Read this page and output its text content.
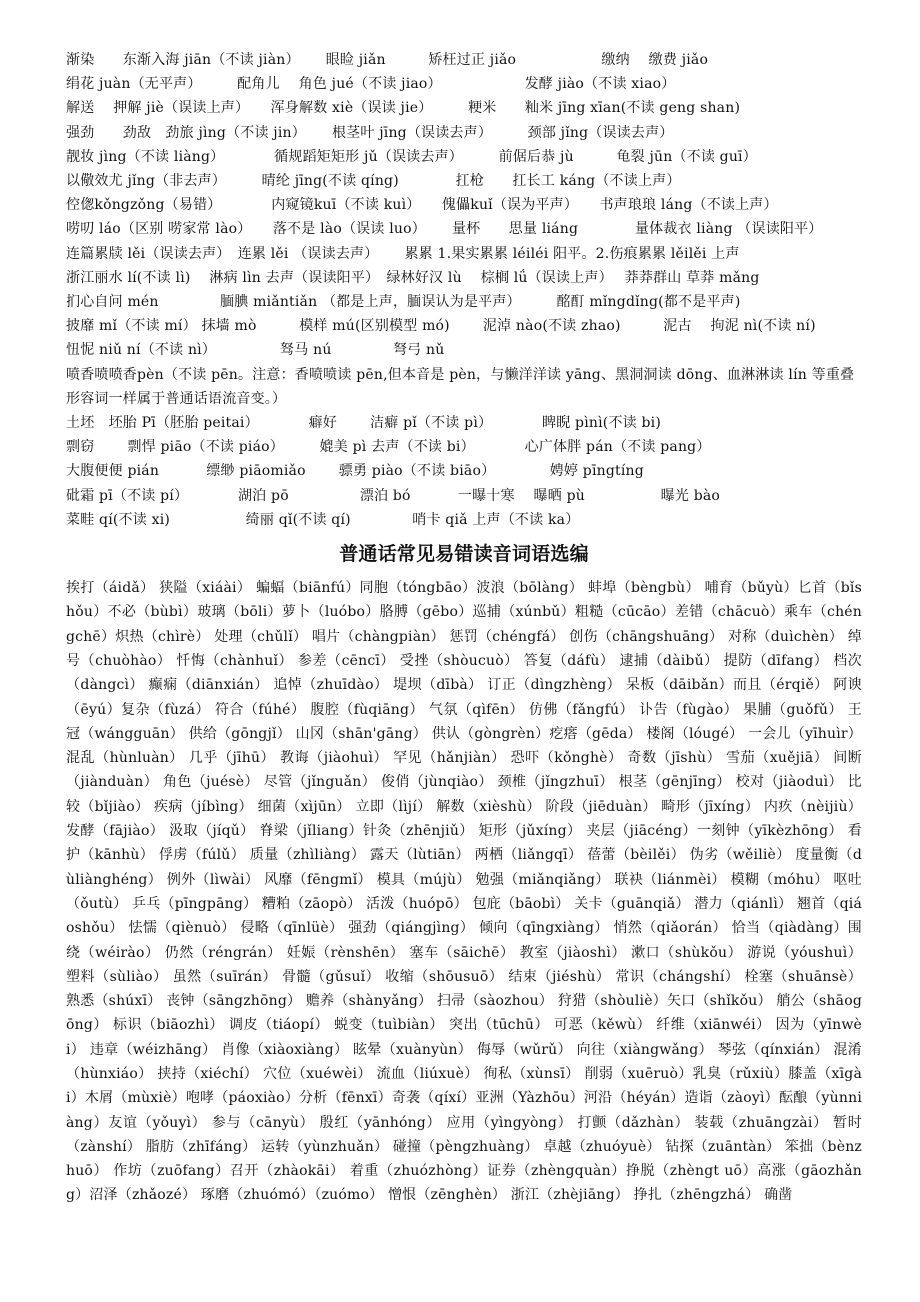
渐染　　东渐入海 jiān（不读 jiàn）　　 眼睑 jiǎn　　　矫枉过正 jiǎo　　　　　　缴纳　 缴费 jiǎo
绢花 juàn（无平声）　　　配角儿　 角色 jué（不读 jiao）　　　　　　 发酵 jiào（不读 xiao）
解送　 押解 jiè（误读上声）　　浑身解数 xiè（误读 jie）　　　粳米　　籼米 jīng xīan(不读 geng shan)
强劲　　劲敌　劲旅 jìng（不读 jin）　　 根茎叶 jīng（误读去声）　　　颈部 jǐng（误读去声）
靓妆 jìng（不读 liàng）　　　　循规蹈矩矩形 jǔ（误读去声）　　　前倨后恭 jù　　　龟裂 jūn（不读 guī）
以儆效尤 jǐng（非去声）　　　晴纶 jīng(不读 qíng)　　　　扛枪　　扛长工 káng（不读上声）
倥偬kǒngzǒng（易错）　　　　内窥镜kuī（不读 kuì）　　傀儡kuǐ（误为平声）　　书声琅琅 láng（不读上声）
唠叨 láo（区别 唠家常 lào）　　落不是 lào（误读 luo）　　 量杯　　思量 liáng　　　　量体裁衣 liàng （误读阳平）
连篇累牍 lěi（误读去声）　连累 lěi （误读去声）　　 累累 1.果实累累 léiléi 阳平。2.伤痕累累 lěilěi 上声
浙江丽水 lí(不读 lì)　 淋病 lìn 去声（误读阳平）　绿林好汉 lù　 棕榈 lǘ（误读上声）　 莽莽群山 草莽 mǎng
扪心自问 mén　　　　 腼腆 miǎntiǎn （都是上声，腼误认为是平声）　　　酩酊 mǐngdǐng(都不是平声)
披靡 mǐ（不读 mí） 抹墙 mò　　　模样 mú(区别模型 mó)　　 泥淖 nào(不读 zhao)　　　泥古　 拘泥 nì(不读 ní)
忸怩 niǔ ní（不读 nì）　　　　　驽马 nú　　　　 弩弓 nǔ
喷香喷喷香pèn（不读 pēn。注意：香喷喷读 pēn,但本音是 pèn，与懒洋洋读 yāng、黑洞洞读 dōng、血淋淋读 lín 等重叠形容词一样属于普通话语流音变。）
土坯　坯胎 Pī（胚胎 peitai）　　　　癖好　　 洁癖 pǐ（不读 pì）　　　　睥睨 pìnì(不读 bi)
剽窃　　 剽悍 piāo（不读 piáo）　　　媲美 pì 去声（不读 bi）　　　　心广体胖 pán（不读 pang）
大腹便便 pián　　　 缥缈 piāomiǎo　　 骠勇 piào（不读 biāo）　　　　 娉婷 pīngtíng
砒霜 pī（不读 pí）　　　　湖泊 pō　　　　　漂泊 bó　　　 一曝十寒　 曝晒 pù　　　　　 曝光 bào
菜畦 qí(不读 xi)　　　　　 绮丽 qǐ(不读 qí)　　　　 哨卡 qiǎ 上声（不读 ka）
普通话常见易错读音词语选编
挨打（áidǎ） 狭隘（xiáài） 蝙蝠（biānfú）同胞（tóngbāo）波浪（bōlàng） 蚌埠（bèngbù） 哺育（bǔyù）匕首（bǐshǒu）不必（bùbì）玻璃（bōli）萝卜（luóbo）胳膊（gēbo）巡捕（xúnbǔ）粗糙（cūcāo）差错（chācuò）乘车（chéngchē）炽热（chìrè） 处理（chǔlǐ） 唱片（chàngpiàn） 惩罚（chéngfá） 创伤（chāngshuāng） 对称（duìchèn） 绰号（chuòhào） 忏悔（chànhuǐ） 参差（cēncī） 受挫（shòucuò） 答复（dáfù） 逮捕（dàibǔ） 提防（dīfang） 档次（dàngcì） 癫痫（diānxián） 追悼（zhuīdào） 堤坝（dībà） 订正（dìngzhèng） 呆板（dāibǎn）而且（érqiě） 阿谀（ēyú）复杂（fùzá） 符合（fúhé） 腹腔（fùqiāng） 气氛（qìfēn） 仿佛（fǎngfú） 讣告（fùgào） 果脯（guǒfǔ） 王冠（wángguān） 供给（gōngjǐ） 山冈（shān'gāng） 供认（gòngrèn）疙瘩（gēda） 楼阁（lóugé） 一会儿（yīhuìr） 混乱（hùnluàn） 几乎（jīhū） 教诲（jiàohuì） 罕见（hǎnjiàn） 恐吓（kǒnghè） 奇数（jīshù） 雪茄（xuějiā） 间断（jiànduàn） 角色（juésè） 尽管（jǐnguǎn） 俊俏（jùnqiào） 颈椎（jǐngzhuī） 根茎（gēnjīng） 校对（jiàoduì） 比较（bǐjiào） 疾病（jíbìng） 细菌（xìjūn） 立即（lìjí） 解数（xièshù） 阶段（jiēduàn） 畸形（jīxíng） 内疚（nèijiù） 发酵（fājiào） 汲取（jíqǔ） 脊梁（jǐliang）针灸（zhēnjiǔ） 矩形（jǔxíng） 夹层（jiācéng）一刻钟（yīkèzhōng） 看护（kānhù） 俘虏（fúlǔ） 质量（zhìliàng） 露天（lùtiān） 两栖（liǎngqī） 蓓蕾（bèilěi） 伪劣（wěiliè） 度量衡（dùliànghéng） 例外（lìwài） 风靡（fēngmǐ） 模具（mújù） 勉强（miǎnqiǎng） 联袂（liánmèi） 模糊（móhu） 呕吐（ǒutù） 乒乓（pīngpāng） 糟粕（zāopò） 活泼（huópō） 包庇（bāobì） 关卡（guānqiǎ） 潜力（qiánlì） 翘首（qiáoshǒu） 怯懦（qiènuò） 侵略（qīnlüè） 强劲（qiángjìng） 倾向（qīngxiàng） 悄然（qiǎorán） 恰当（qiàdàng）围绕（wéirào） 仍然（réngrán） 妊娠（rènshēn） 塞车（sāichē） 教室（jiàoshì） 漱口（shùkǒu） 游说（yóushuì） 塑料（sùliào） 虽然（suīrán） 骨髓（gǔsuǐ） 收缩（shōusuō） 结束（jiéshù） 常识（chángshí） 栓塞（shuānsè） 熟悉（shúxī） 丧钟（sāngzhōng） 赡养（shànyǎng） 扫帚（sàozhou） 狩猎（shòuliè）矢口（shǐkǒu） 艄公（shāogōng） 标识（biāozhì） 调皮（tiáopí） 蜕变（tuìbiàn） 突出（tūchū） 可恶（kěwù） 纤维（xiānwéi） 因为（yīnwèi） 违章（wéizhāng） 肖像（xiàoxiàng） 眩晕（xuànyùn） 侮辱（wǔrǔ） 向往（xiàngwǎng） 琴弦（qínxián） 混淆（hùnxiáo） 挟持（xiéchí） 穴位（xuéwèi） 流血（liúxuè） 徇私（xùnsī） 削弱（xuēruò）乳臭（rǔxiù）膝盖（xīgài）木屑（mùxiè）咆哮（páoxiào）分析（fēnxī）奇袭（qíxí）亚洲（Yàzhōu）河沿（héyán）造诣（zàoyì）酝酿（yùnniàng）友谊（yǒuyì） 参与（cānyù） 殷红（yānhóng） 应用（yìngyòng） 打颤（dǎzhàn） 装载（zhuāngzài） 暂时（zànshí） 脂肪（zhīfáng） 运转（yùnzhuǎn） 碰撞（pèngzhuàng） 卓越（zhuóyuè） 钻探（zuāntàn） 笨拙（bènzhuō） 作坊（zuōfang）召开（zhàokāi） 着重（zhuózhòng）证券（zhèngquàn）挣脱（zhèngt uō）高涨（gāozhǎng）沼泽（zhǎozé） 琢磨（zhuómó）（zuómo） 憎恨（zēnghèn） 浙江（zhèjiāng） 挣扎（zhēngzhá） 确凿
